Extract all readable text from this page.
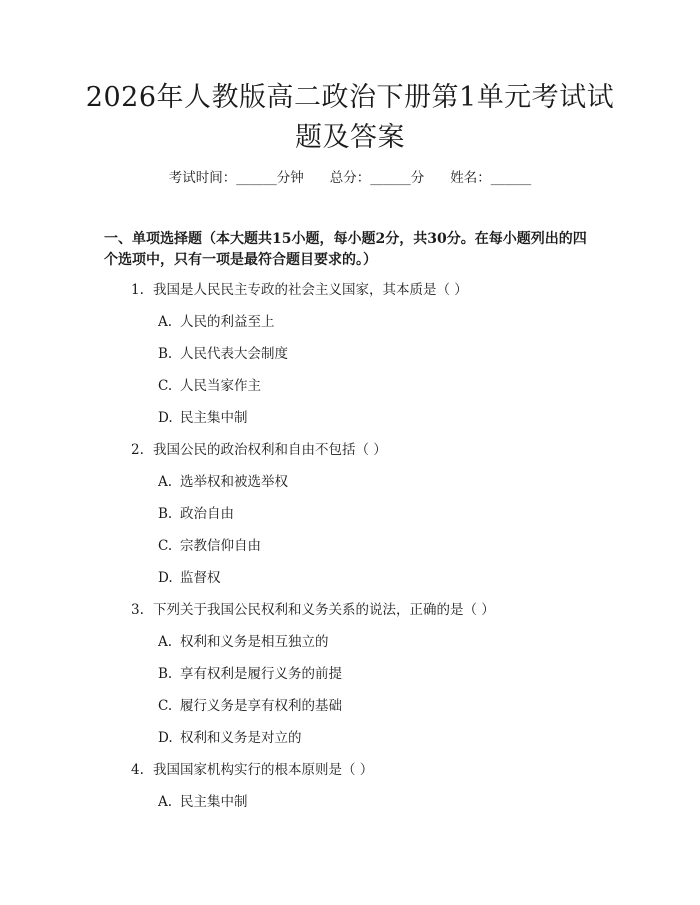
2026年人教版高二政治下册第1单元考试试
题及答案
考试时间：______分钟 总分：______分 姓名：______
一、单项选择题（本大题共15小题，每小题2分，共30分。在每小题列出的四
个选项中，只有一项是最符合题目要求的。）
1. 我国是人民民主专政的社会主义国家，其本质是（ ）
A. 人民的利益至上
B. 人民代表大会制度
C. 人民当家作主
D. 民主集中制
2. 我国公民的政治权利和自由不包括（ ）
A. 选举权和被选举权
B. 政治自由
C. 宗教信仰自由
D. 监督权
3. 下列关于我国公民权利和义务关系的说法，正确的是（ ）
A. 权利和义务是相互独立的
B. 享有权利是履行义务的前提
C. 履行义务是享有权利的基础
D. 权利和义务是对立的
4. 我国国家机构实行的根本原则是（ ）
A. 民主集中制
